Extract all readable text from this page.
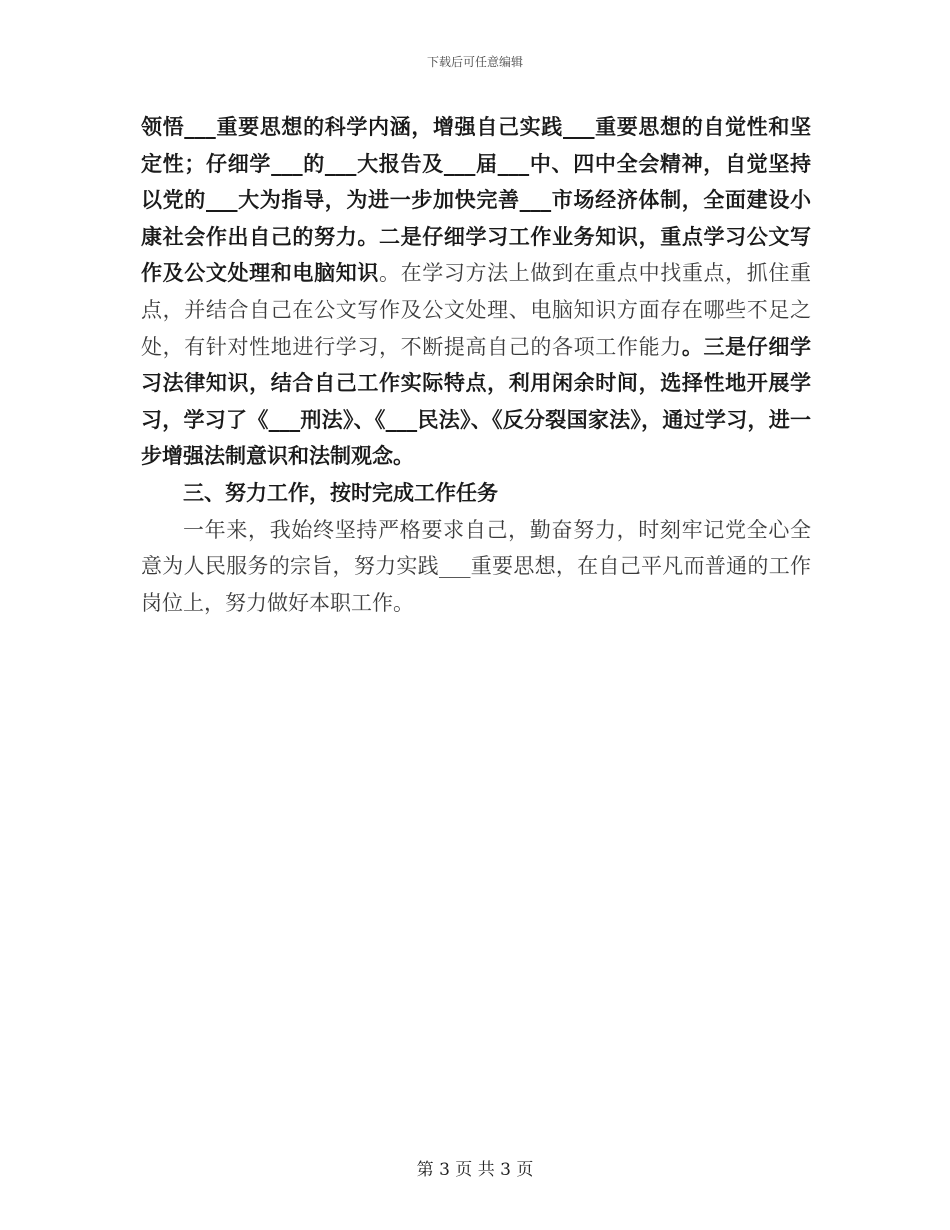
下载后可任意编辑

领悟___重要思想的科学内涵，增强自己实践___重要思想的自觉性和坚定性；仔细学___的___大报告及___届___中、四中全会精神，自觉坚持以党的___大为指导，为进一步加快完善___市场经济体制，全面建设小康社会作出自己的努力。二是仔细学习工作业务知识，重点学习公文写作及公文处理和电脑知识。在学习方法上做到在重点中找重点，抓住重点，并结合自己在公文写作及公文处理、电脑知识方面存在哪些不足之处，有针对性地进行学习，不断提高自己的各项工作能力。三是仔细学习法律知识，结合自己工作实际特点，利用闲余时间，选择性地开展学习，学习了《___刑法》、《___民法》、《反分裂国家法》，通过学习，进一步增强法制意识和法制观念。

三、努力工作，按时完成工作任务

一年来，我始终坚持严格要求自己，勤奋努力，时刻牢记党全心全意为人民服务的宗旨，努力实践___重要思想，在自己平凡而普通的工作岗位上，努力做好本职工作。

第 3 页 共 3 页
